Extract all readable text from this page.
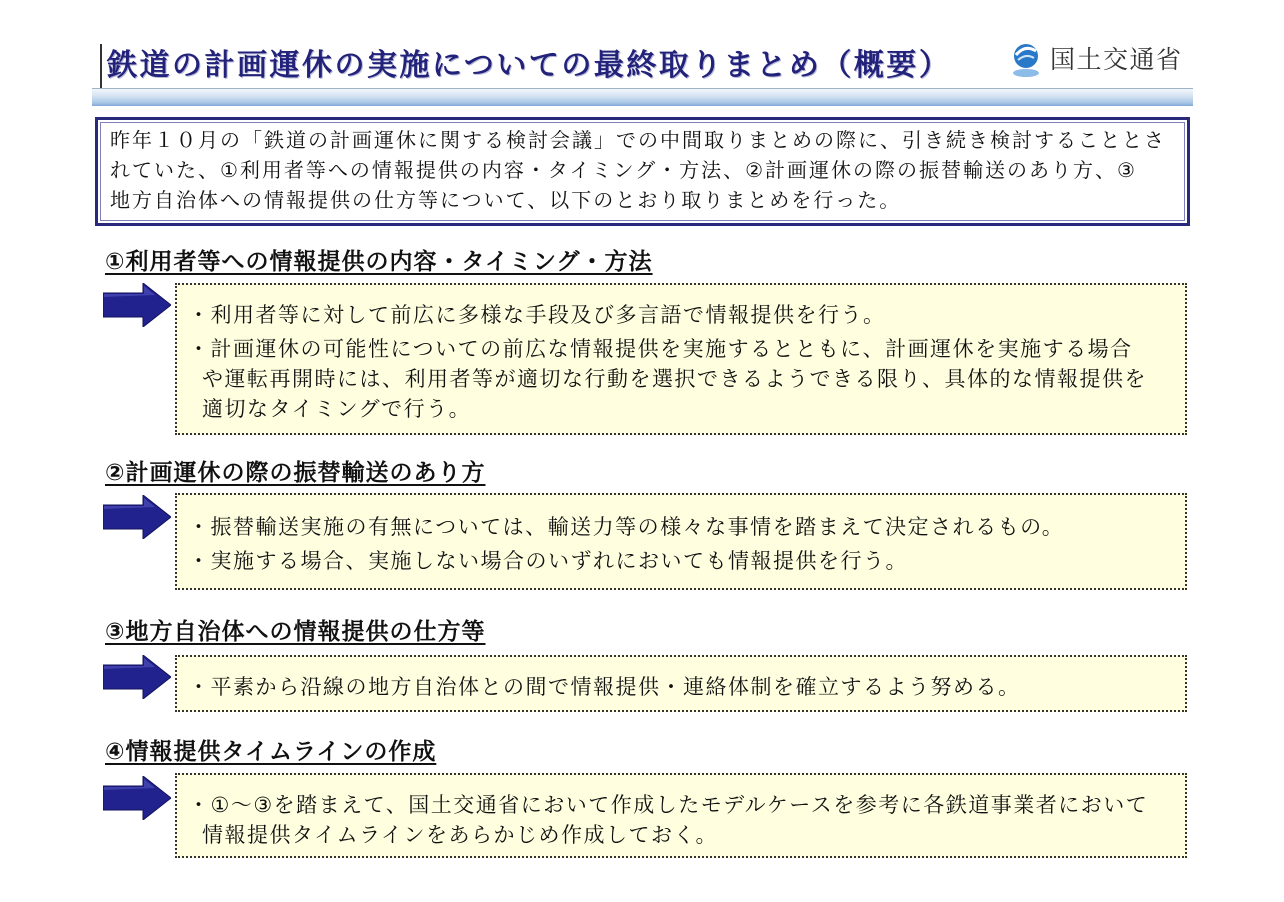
鉄道の計画運休の実施についての最終取りまとめ（概要）	国土交通省
昨年１０月の「鉄道の計画運休に関する検討会議」での中間取りまとめの際に、引き続き検討することとさ
れていた、①利用者等への情報提供の内容・タイミング・方法、②計画運休の際の振替輸送のあり方、③
地方自治体への情報提供の仕方等について、以下のとおり取りまとめを行った。
①利用者等への情報提供の内容・タイミング・方法
・利用者等に対して前広に多様な手段及び多言語で情報提供を行う。
・計画運休の可能性についての前広な情報提供を実施するとともに、計画運休を実施する場合
や運転再開時には、利用者等が適切な行動を選択できるようできる限り、具体的な情報提供を
適切なタイミングで行う。
②計画運休の際の振替輸送のあり方
・振替輸送実施の有無については、輸送力等の様々な事情を踏まえて決定されるもの。
・実施する場合、実施しない場合のいずれにおいても情報提供を行う。
③地方自治体への情報提供の仕方等
・平素から沿線の地方自治体との間で情報提供・連絡体制を確立するよう努める。
④情報提供タイムラインの作成
・①～③を踏まえて、国土交通省において作成したモデルケースを参考に各鉄道事業者において
情報提供タイムラインをあらかじめ作成しておく。
